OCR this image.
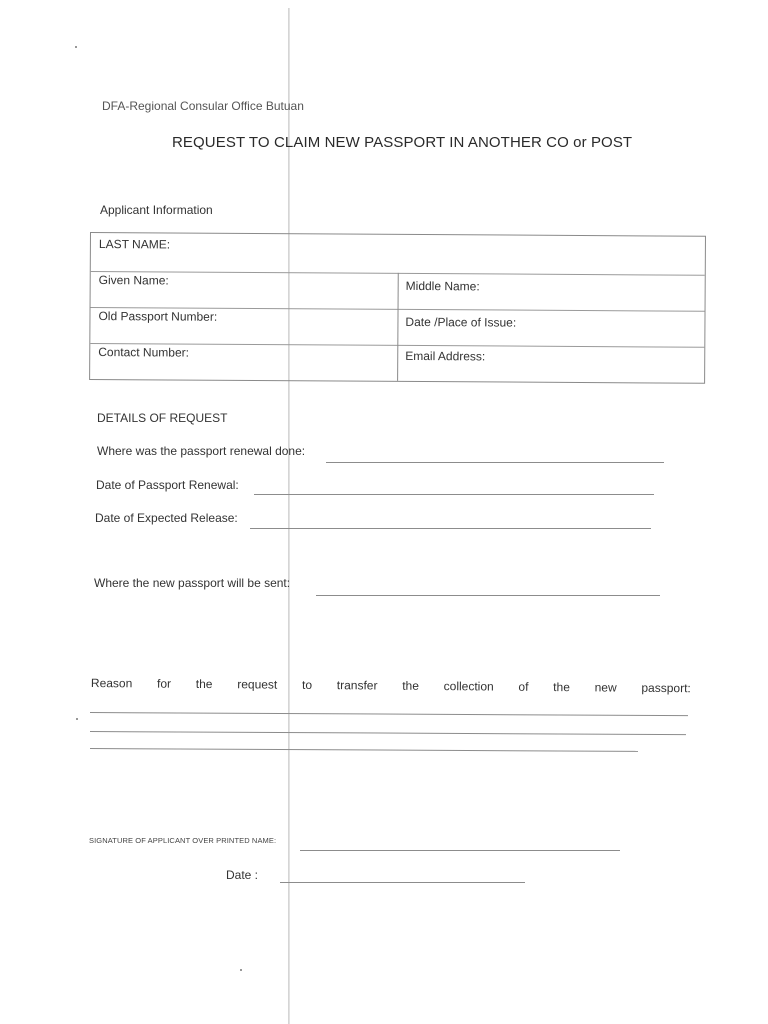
DFA-Regional Consular Office Butuan
REQUEST TO CLAIM NEW PASSPORT IN ANOTHER CO or POST
Applicant Information
LAST NAME:
Given Name:	Middle Name:
Old Passport Number:	Date /Place of Issue:
Contact Number:	Email Address:
DETAILS OF REQUEST
Where was the passport renewal done:
Date of Passport Renewal:
Date of Expected Release:
Where the new passport will be sent:
Reason for the request to transfer the collection of the new passport:
SIGNATURE OF APPLICANT OVER PRINTED NAME:
Date :
